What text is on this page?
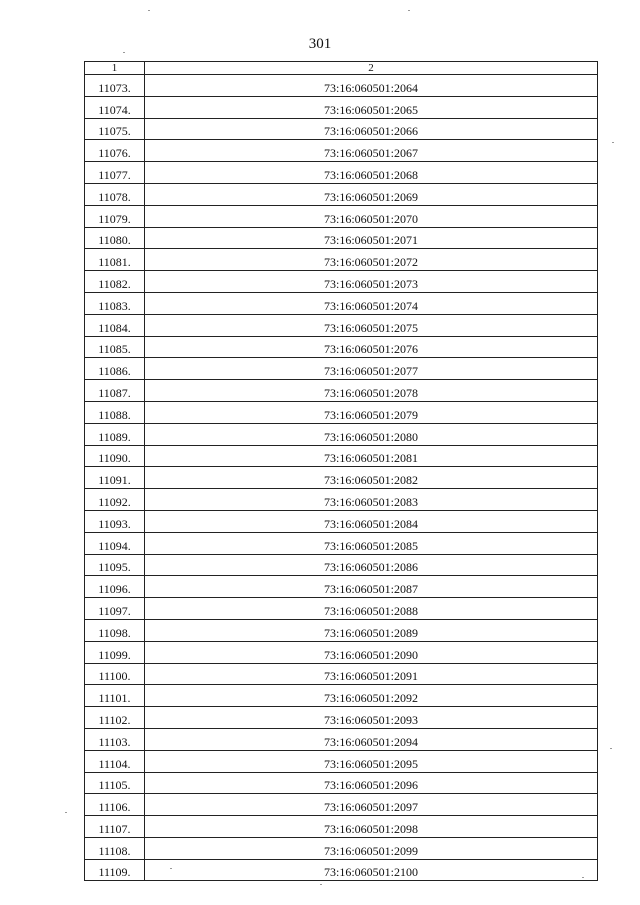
301
1	2
11073.	73:16:060501:2064
11074.	73:16:060501:2065
11075.	73:16:060501:2066
11076.	73:16:060501:2067
11077.	73:16:060501:2068
11078.	73:16:060501:2069
11079.	73:16:060501:2070
11080.	73:16:060501:2071
11081.	73:16:060501:2072
11082.	73:16:060501:2073
11083.	73:16:060501:2074
11084.	73:16:060501:2075
11085.	73:16:060501:2076
11086.	73:16:060501:2077
11087.	73:16:060501:2078
11088.	73:16:060501:2079
11089.	73:16:060501:2080
11090.	73:16:060501:2081
11091.	73:16:060501:2082
11092.	73:16:060501:2083
11093.	73:16:060501:2084
11094.	73:16:060501:2085
11095.	73:16:060501:2086
11096.	73:16:060501:2087
11097.	73:16:060501:2088
11098.	73:16:060501:2089
11099.	73:16:060501:2090
11100.	73:16:060501:2091
11101.	73:16:060501:2092
11102.	73:16:060501:2093
11103.	73:16:060501:2094
11104.	73:16:060501:2095
11105.	73:16:060501:2096
11106.	73:16:060501:2097
11107.	73:16:060501:2098
11108.	73:16:060501:2099
11109.	73:16:060501:2100
